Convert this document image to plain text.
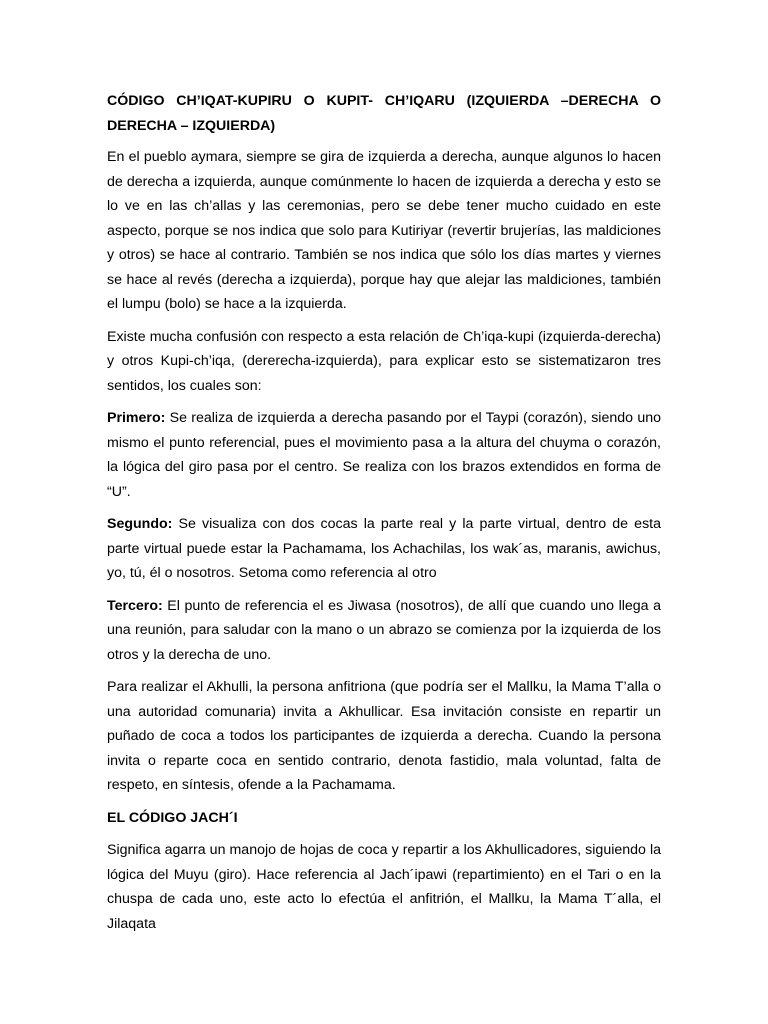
CÓDIGO CH’IQAT-KUPIRU O KUPIT- CH’IQARU (IZQUIERDA –DERECHA O DERECHA – IZQUIERDA)

En el pueblo aymara, siempre se gira de izquierda a derecha, aunque algunos lo hacen de derecha a izquierda, aunque comúnmente lo hacen de izquierda a derecha y esto se lo ve en las ch’allas y las ceremonias, pero se debe tener mucho cuidado en este aspecto, porque se nos indica que solo para Kutiriyar (revertir brujerías, las maldiciones y otros) se hace al contrario. También se nos indica que sólo los días martes y viernes se hace al revés (derecha a izquierda), porque hay que alejar las maldiciones, también el lumpu (bolo) se hace a la izquierda.

Existe mucha confusión con respecto a esta relación de Ch’iqa-kupi (izquierda-derecha) y otros Kupi-ch’iqa, (dererecha-izquierda), para explicar esto se sistematizaron tres sentidos, los cuales son:

Primero: Se realiza de izquierda a derecha pasando por el Taypi (corazón), siendo uno mismo el punto referencial, pues el movimiento pasa a la altura del chuyma o corazón, la lógica del giro pasa por el centro. Se realiza con los brazos extendidos en forma de “U”.

Segundo: Se visualiza con dos cocas la parte real y la parte virtual, dentro de esta parte virtual puede estar la Pachamama, los Achachilas, los wak´as, maranis, awichus, yo, tú, él o nosotros. Setoma como referencia al otro

Tercero: El punto de referencia el es Jiwasa (nosotros), de allí que cuando uno llega a una reunión, para saludar con la mano o un abrazo se comienza por la izquierda de los otros y la derecha de uno.

Para realizar el Akhulli, la persona anfitriona (que podría ser el Mallku, la Mama T’alla o una autoridad comunaria) invita a Akhullicar. Esa invitación consiste en repartir un puñado de coca a todos los participantes de izquierda a derecha. Cuando la persona invita o reparte coca en sentido contrario, denota fastidio, mala voluntad, falta de respeto, en síntesis, ofende a la Pachamama.

EL CÓDIGO JACH´I

Significa agarra un manojo de hojas de coca y repartir a los Akhullicadores, siguiendo la lógica del Muyu (giro). Hace referencia al Jach´ipawi (repartimiento) en el Tari o en la chuspa de cada uno, este acto lo efectúa el anfitrión, el Mallku, la Mama T´alla, el Jilaqata
